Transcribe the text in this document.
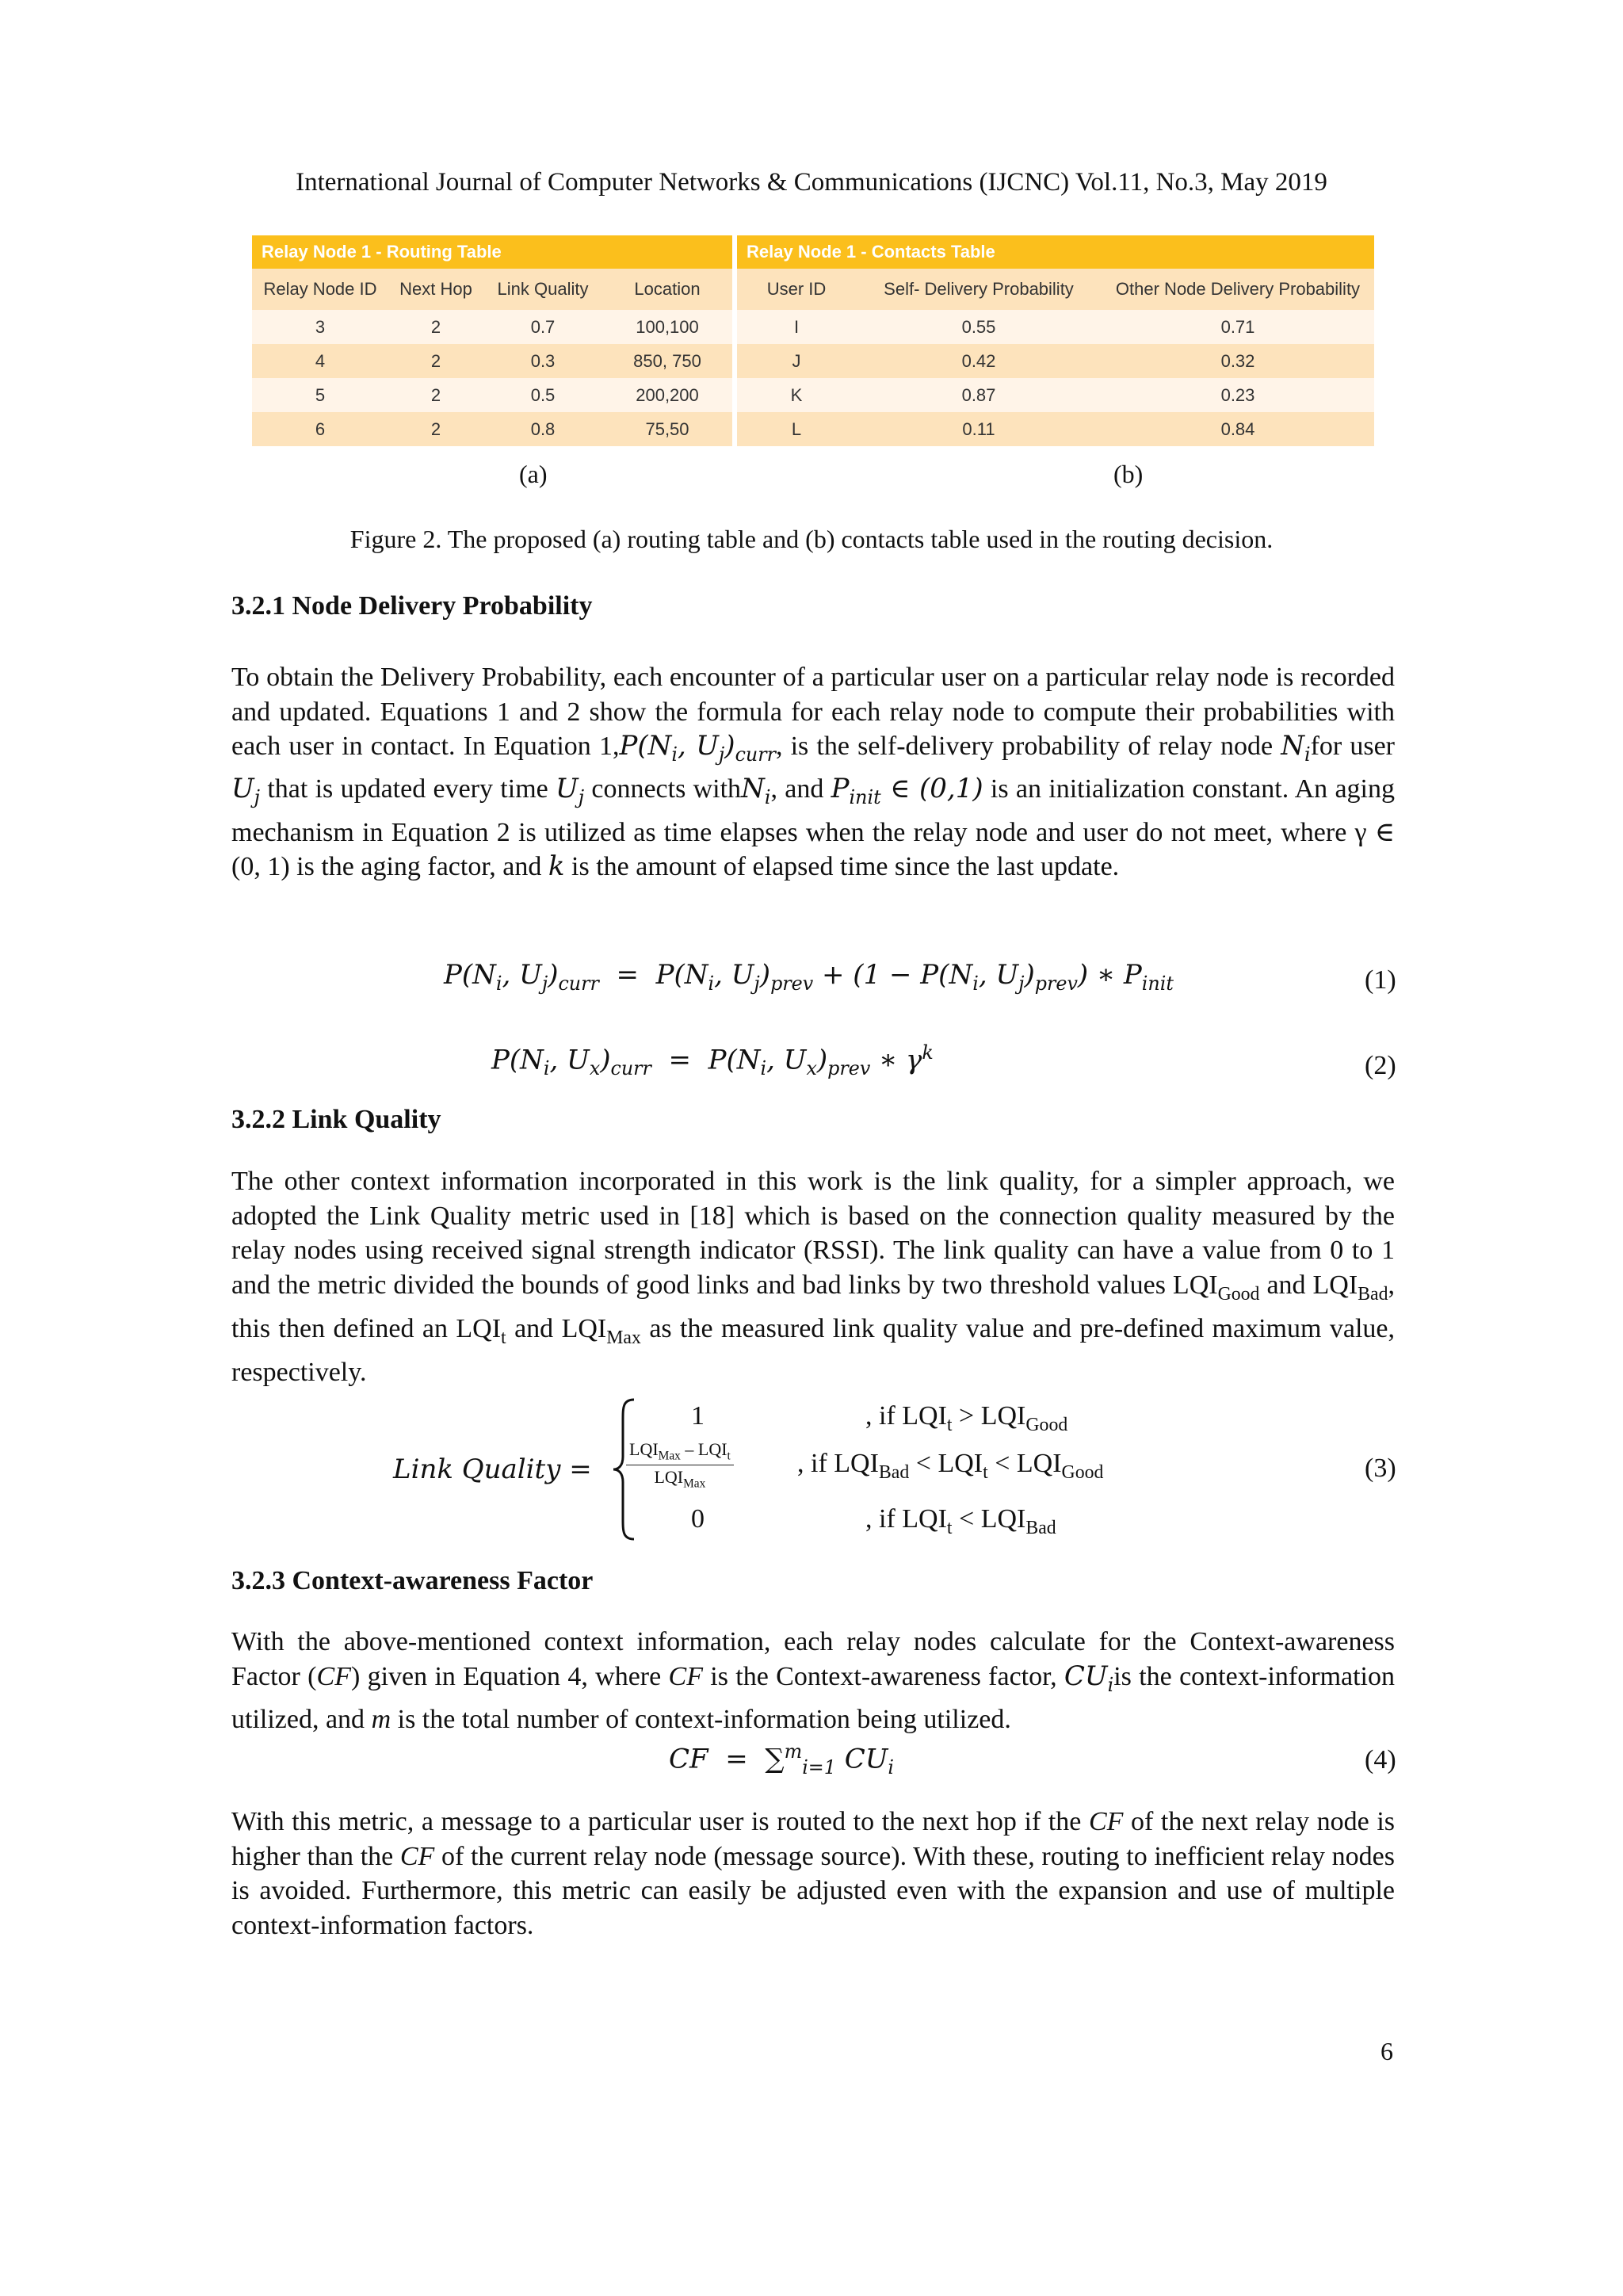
International Journal of Computer Networks & Communications (IJCNC) Vol.11, No.3, May 2019
Relay Node 1 - Routing Table			
Relay Node ID	Next Hop	Link Quality	Location
3	2	0.7	100,100
4	2	0.3	850, 750
5	2	0.5	200,200
6	2	0.8	75,50
Relay Node 1 - Contacts Table		
User ID	Self- Delivery Probability	Other Node Delivery Probability
I	0.55	0.71
J	0.42	0.32
K	0.87	0.23
L	0.11	0.84
(a)	(b)
Figure 2. The proposed (a) routing table and (b) contacts table used in the routing decision.
3.2.1 Node Delivery Probability
To obtain the Delivery Probability, each encounter of a particular user on a particular relay node is recorded and updated. Equations 1 and 2 show the formula for each relay node to compute their probabilities with each user in contact. In Equation $1,P(N_i$, $U_j)_{curr}$, is the self-delivery probability of relay node $N_ifor$ user $U_j$ that is updated every time $U_j$ connects withN$_i$, and $P_{init}$ ∈ (0,1) is an initialization constant. An aging mechanism in Equation 2 is utilized as time elapses when the relay node and user do not meet, where γ ∈ (0, 1) is the aging factor, and k is the amount of elapsed time since the last update.
$P(N_i$, $U_j)_{curr} = P(N_i$, $U_j)_{prev} + (1 - P(N_i$, $U_j)_{prev}$) ∗ $P_{init}$	(1)
$P(N_i$, $U_x)_{curr} = P(N_i$, $U_x)_{prev}$ ∗ $\gamma^k$	(2)
3.2.2 Link Quality
The other context information incorporated in this work is the link quality, for a simpler approach, we adopted the Link Quality metric used in [18] which is based on the connection quality measured by the relay nodes using received signal strength indicator (RSSI). The link quality can have a value from 0 to 1 and the metric divided the bounds of good links and bad links by two threshold values $LQI_{Good}$ and $LQI_{Bad}$, this then defined an $LQI_t$ and $LQI_{Max}$ as the measured link quality value and pre-defined maximum value, respectively.
Link Quality =
1	, if $LQI_t > LQI_{Good}$
$\frac{LQI_{Max} - LQI_t}{LQI_{Max}}$ , if $LQI_{Bad} < LQI_t < LQI_{Good}$
0	, if $LQI_t < LQI_{Bad}$
(3)
3.2.3 Context-awareness Factor
With the above-mentioned context information, each relay nodes calculate for the Context-awareness Factor (CF) given in Equation 4, where CF is the Context-awareness factor, $CU_iis$ the context-information utilized, and m is the total number of context-information being utilized.
CF  =  ∑$^m_{i=1}$ $CU_i$	(4)
With this metric, a message to a particular user is routed to the next hop if the CF of the next relay node is higher than the CF of the current relay node (message source). With these, routing to inefficient relay nodes is avoided. Furthermore, this metric can easily be adjusted even with the expansion and use of multiple context-information factors.
6
